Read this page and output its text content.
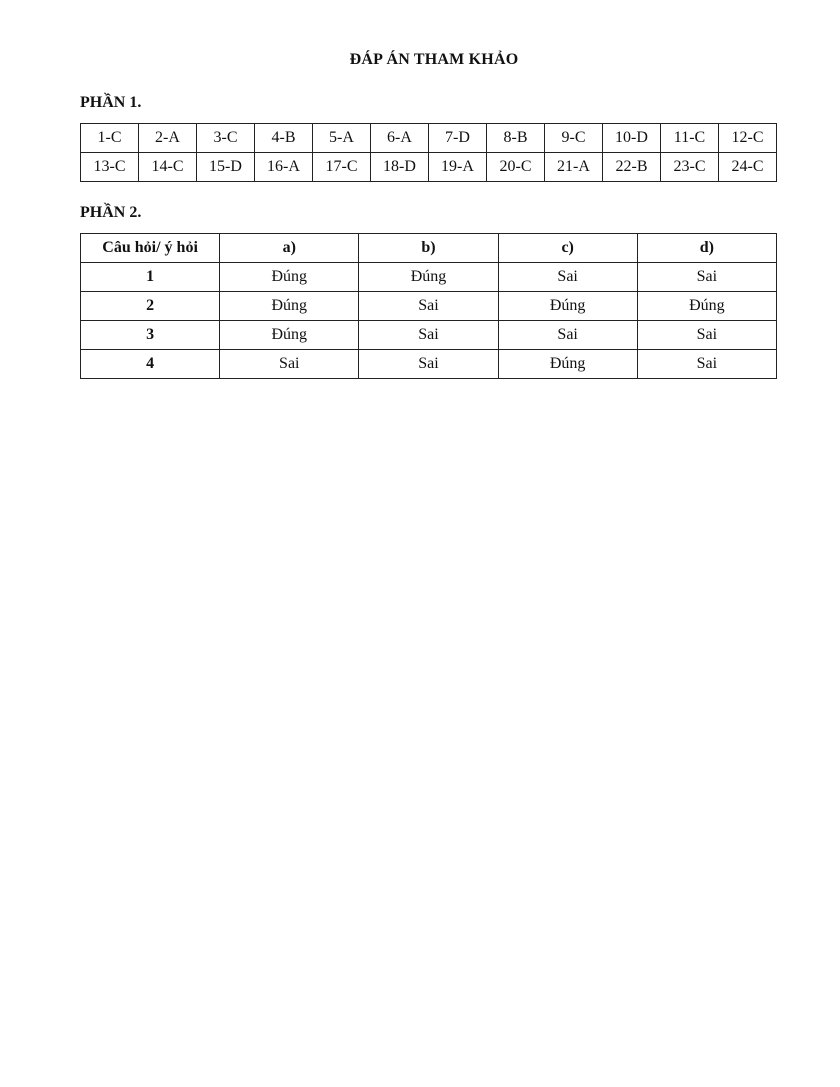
ĐÁP ÁN THAM KHẢO
PHẦN 1.
1-C	2-A	3-C	4-B	5-A	6-A	7-D	8-B	9-C	10-D	11-C	12-C
13-C	14-C	15-D	16-A	17-C	18-D	19-A	20-C	21-A	22-B	23-C	24-C
PHẦN 2.
Câu hỏi/ ý hỏi	a)	b)	c)	d)
1	Đúng	Đúng	Sai	Sai
2	Đúng	Sai	Đúng	Đúng
3	Đúng	Sai	Sai	Sai
4	Sai	Sai	Đúng	Sai
